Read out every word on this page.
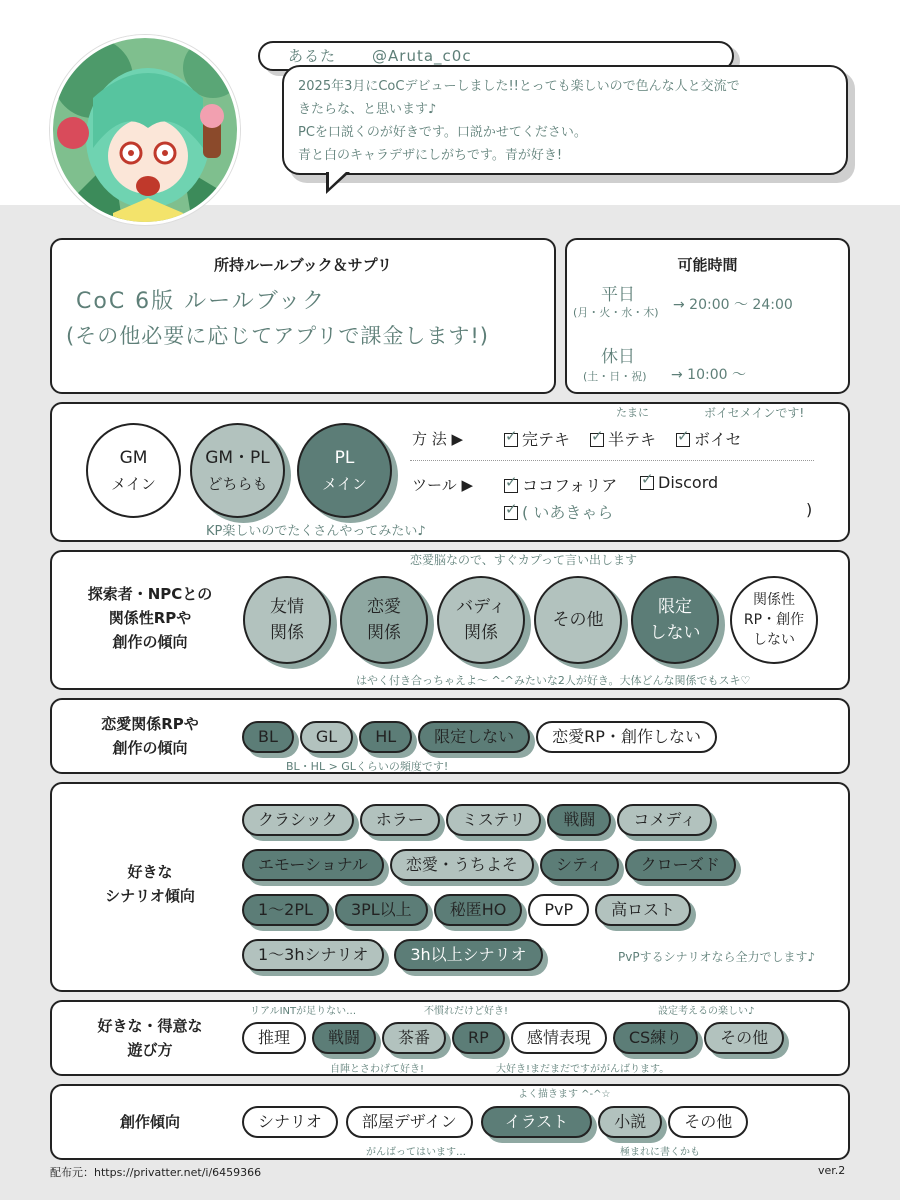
あるた @Aruta_c0c

2025年3月にCoCデビューしました!!とっても楽しいので色んな人と交流で

きたらな、と思います♪

PCを口説くのが好きです。口説かせてください。

青と白のキャラデザにしがちです。青が好き!

所持ルールブック＆サプリ
CoC 6版 ルールブック
(その他必要に応じてアプリで課金します!)
可能時間
平日
(月・火・水・木) → 20:00 ～ 24:00
休日
(土・日・祝) → 10:00 ～
GM
メイン
GM・PL
どちらも
PL
メイン
KP楽しいのでたくさんやってみたい♪
たまに	ボイセメインです!
方 法 ▶ ✓	完テキ ✓	半テキ ✓	ボイセ
ツール ▶ ✓	ココフォリア ✓	Discord
✓( いあきゃら	)
恋愛脳なので、すぐカプって言い出します
探索者・NPCとの
関係性RPや
創作の傾向
友情
関係
恋愛
関係
バディ
関係
その他
限定
しない
関係性
RP・創作
しない
はやく付き合っちゃえよ～ ^-^みたいな2人が好き。大体どんな関係でもスキ♡
恋愛関係RPや
創作の傾向
BL	GL	HL	限定しない	恋愛RP・創作しない
BL・HL > GLくらいの頻度です!
好きな
シナリオ傾向
クラシック	ホラー	ミステリ	戦闘	コメディ
エモーショナル	恋愛・うちよそ	シティ	クローズド
1～2PL	3PL以上	秘匿HO	PvP	高ロスト
1～3hシナリオ	3h以上シナリオ	PvPするシナリオなら全力でします♪
リアルINTが足りない…	不慣れだけど好き!	設定考えるの楽しい♪
好きな・得意な
遊び方
推理	戦闘	茶番	RP	感情表現	CS練り	その他
自陣とさわげて好き!	大好き!まだまだですががんばります。
よく描きます ^-^☆
創作傾向	シナリオ	部屋デザイン	イラスト	小説	その他
がんばってはいます…	極まれに書くかも
配布元：https://privatter.net/i/6459366	ver.2
